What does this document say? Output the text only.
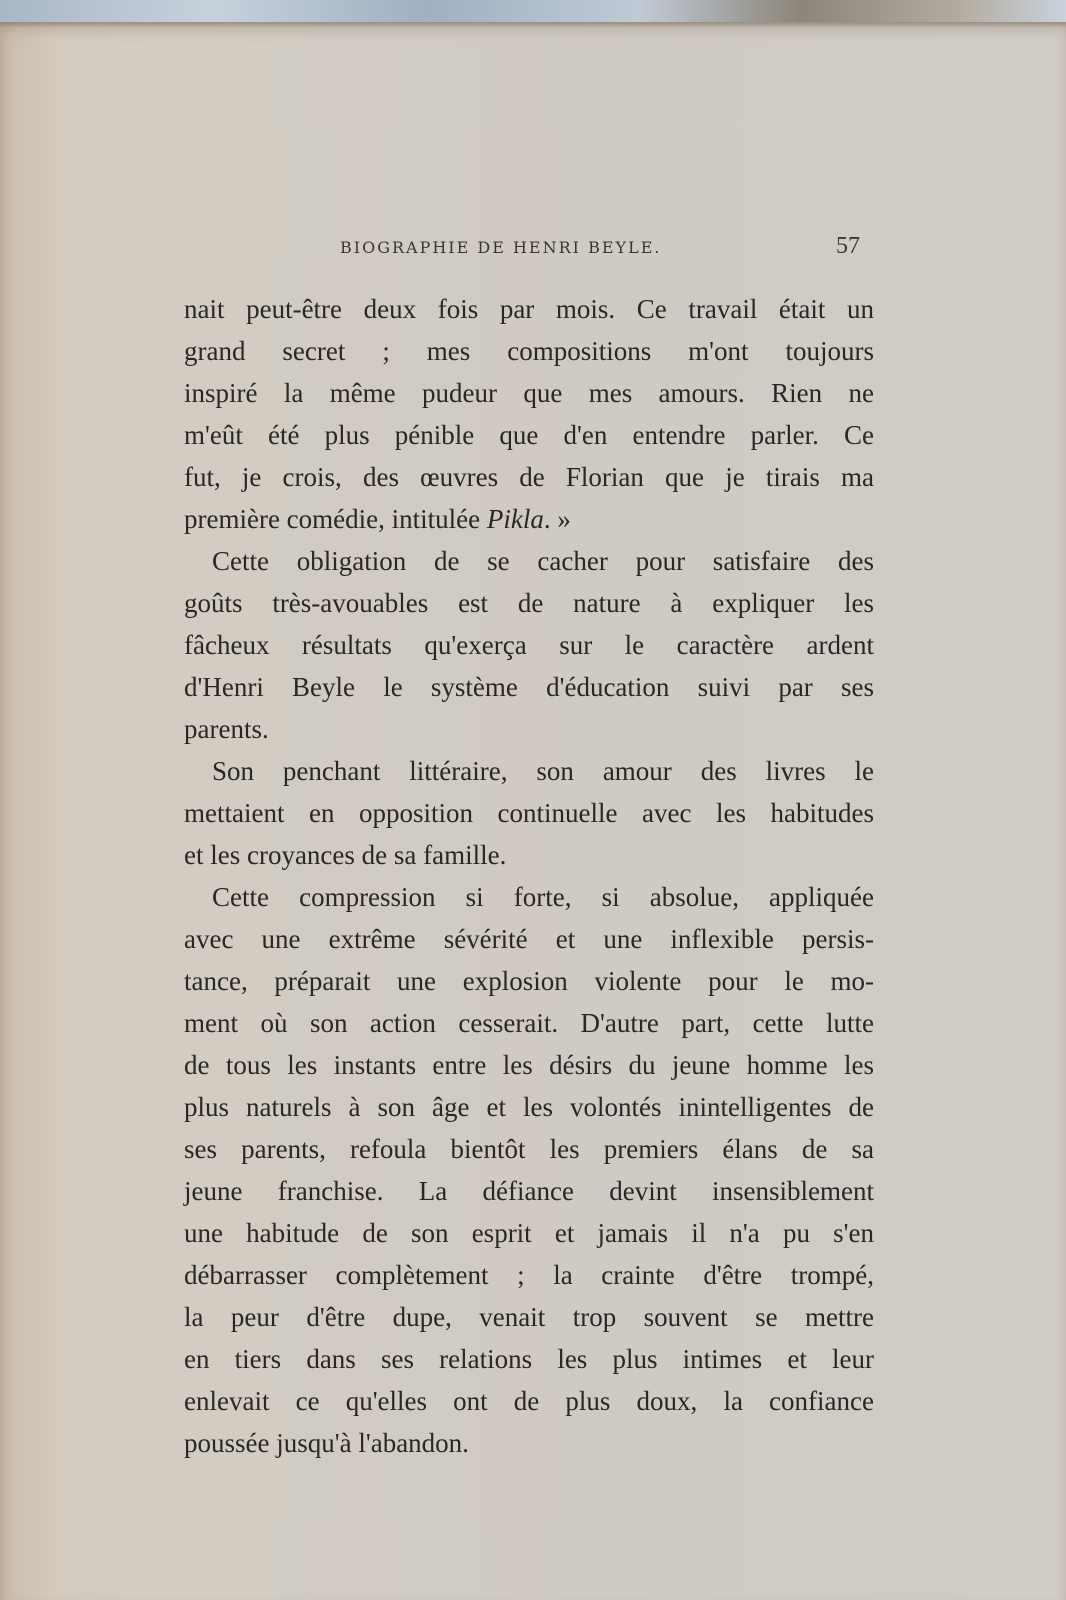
BIOGRAPHIE DE HENRI BEYLE.	57

nait peut-être deux fois par mois. Ce travail était un
grand secret ; mes compositions m'ont toujours
inspiré la même pudeur que mes amours. Rien ne
m'eût été plus pénible que d'en entendre parler. Ce
fut, je crois, des œuvres de Florian que je tirais ma
première comédie, intitulée Pikla. »

Cette obligation de se cacher pour satisfaire des
goûts très-avouables est de nature à expliquer les
fâcheux résultats qu'exerça sur le caractère ardent
d'Henri Beyle le système d'éducation suivi par ses
parents.

Son penchant littéraire, son amour des livres le
mettaient en opposition continuelle avec les habitudes
et les croyances de sa famille.

Cette compression si forte, si absolue, appliquée
avec une extrême sévérité et une inflexible persis-
tance, préparait une explosion violente pour le mo-
ment où son action cesserait. D'autre part, cette lutte
de tous les instants entre les désirs du jeune homme les
plus naturels à son âge et les volontés inintelligentes de
ses parents, refoula bientôt les premiers élans de sa
jeune franchise. La défiance devint insensiblement
une habitude de son esprit et jamais il n'a pu s'en
débarrasser complètement ; la crainte d'être trompé,
la peur d'être dupe, venait trop souvent se mettre
en tiers dans ses relations les plus intimes et leur
enlevait ce qu'elles ont de plus doux, la confiance
poussée jusqu'à l'abandon.
